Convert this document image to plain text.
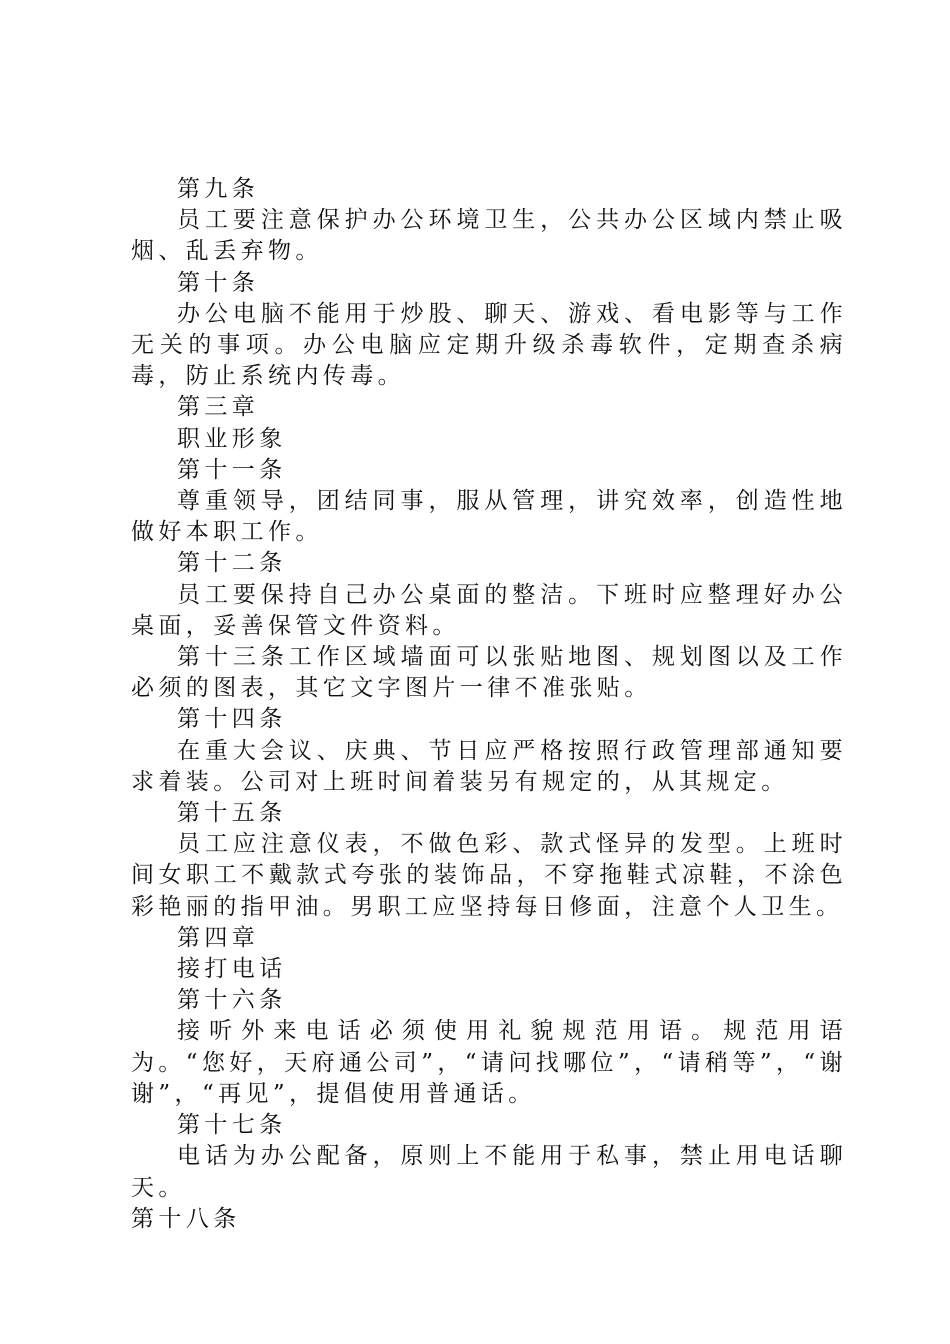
第九条

员工要注意保护办公环境卫生，公共办公区域内禁止吸烟、乱丢弃物。

第十条

办公电脑不能用于炒股、聊天、游戏、看电影等与工作无关的事项。办公电脑应定期升级杀毒软件，定期查杀病毒，防止系统内传毒。

第三章

职业形象

第十一条

尊重领导，团结同事，服从管理，讲究效率，创造性地做好本职工作。

第十二条

员工要保持自己办公桌面的整洁。下班时应整理好办公桌面，妥善保管文件资料。

第十三条工作区域墙面可以张贴地图、规划图以及工作必须的图表，其它文字图片一律不准张贴。

第十四条

在重大会议、庆典、节日应严格按照行政管理部通知要求着装。公司对上班时间着装另有规定的，从其规定。

第十五条

员工应注意仪表，不做色彩、款式怪异的发型。上班时间女职工不戴款式夸张的装饰品，不穿拖鞋式凉鞋，不涂色彩艳丽的指甲油。男职工应坚持每日修面，注意个人卫生。

第四章

接打电话

第十六条

接听外来电话必须使用礼貌规范用语。规范用语为。“您好，天府通公司”，“请问找哪位”，“请稍等”，“谢谢”，“再见”，提倡使用普通话。

第十七条

电话为办公配备，原则上不能用于私事，禁止用电话聊天。

第十八条
